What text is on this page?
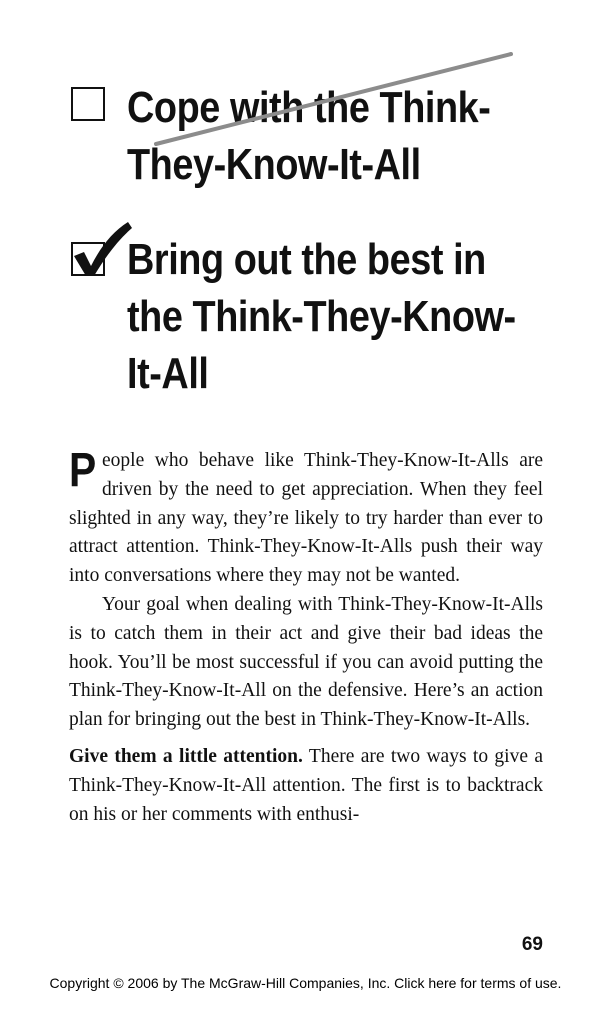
Cope with the Think-
They-Know-It-All
Bring out the best in
the Think-They-Know-
It-All

People who behave like Think-They-Know-It-Alls are driven by the need to get appreciation. When they feel slighted in any way, they’re likely to try harder than ever to attract attention. Think-They-Know-It-Alls push their way into conversations where they may not be wanted.

Your goal when dealing with Think-They-Know-It-Alls is to catch them in their act and give their bad ideas the hook. You’ll be most successful if you can avoid putting the Think-They-Know-It-All on the defensive. Here’s an action plan for bringing out the best in Think-They-Know-It-Alls.

Give them a little attention. There are two ways to give a Think-They-Know-It-All attention. The first is to backtrack on his or her comments with enthusi-

69
Copyright © 2006 by The McGraw-Hill Companies, Inc. Click here for terms of use.
